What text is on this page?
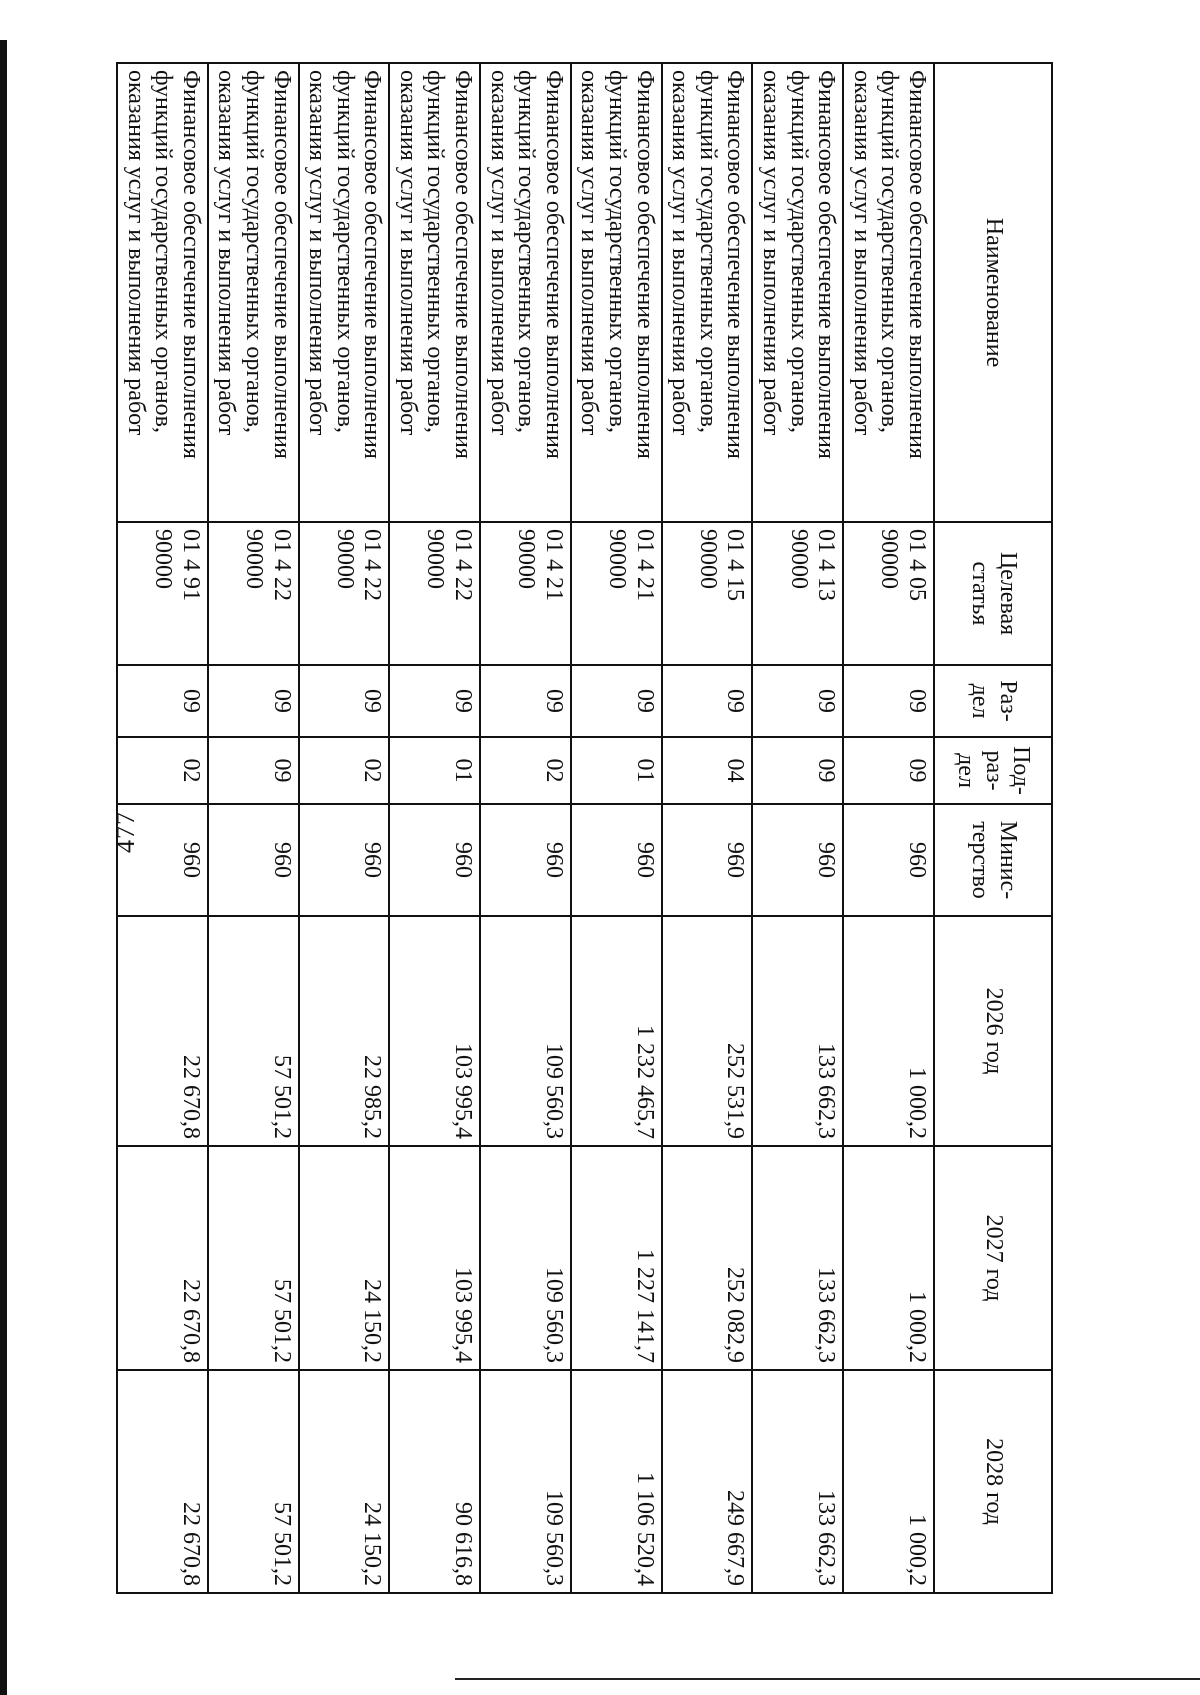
477
Наименование	Целевая статья	Раз- дел	Под- раз- дел	Минис- терство	2026 год	2027 год	2028 год
Финансовое обеспечение выполнения функций государственных органов, оказания услуг и выполнения работ	01 4 05 90000	09	09	960	1 000,2	1 000,2	1 000,2
Финансовое обеспечение выполнения функций государственных органов, оказания услуг и выполнения работ	01 4 13 90000	09	09	960	133 662,3	133 662,3	133 662,3
Финансовое обеспечение выполнения функций государственных органов, оказания услуг и выполнения работ	01 4 15 90000	09	04	960	252 531,9	252 082,9	249 667,9
Финансовое обеспечение выполнения функций государственных органов, оказания услуг и выполнения работ	01 4 21 90000	09	01	960	1 232 465,7	1 227 141,7	1 106 520,4
Финансовое обеспечение выполнения функций государственных органов, оказания услуг и выполнения работ	01 4 21 90000	09	02	960	109 560,3	109 560,3	109 560,3
Финансовое обеспечение выполнения функций государственных органов, оказания услуг и выполнения работ	01 4 22 90000	09	01	960	103 995,4	103 995,4	90 616,8
Финансовое обеспечение выполнения функций государственных органов, оказания услуг и выполнения работ	01 4 22 90000	09	02	960	22 985,2	24 150,2	24 150,2
Финансовое обеспечение выполнения функций государственных органов, оказания услуг и выполнения работ	01 4 22 90000	09	09	960	57 501,2	57 501,2	57 501,2
Финансовое обеспечение выполнения функций государственных органов, оказания услуг и выполнения работ	01 4 91 90000	09	02	960	22 670,8	22 670,8	22 670,8
